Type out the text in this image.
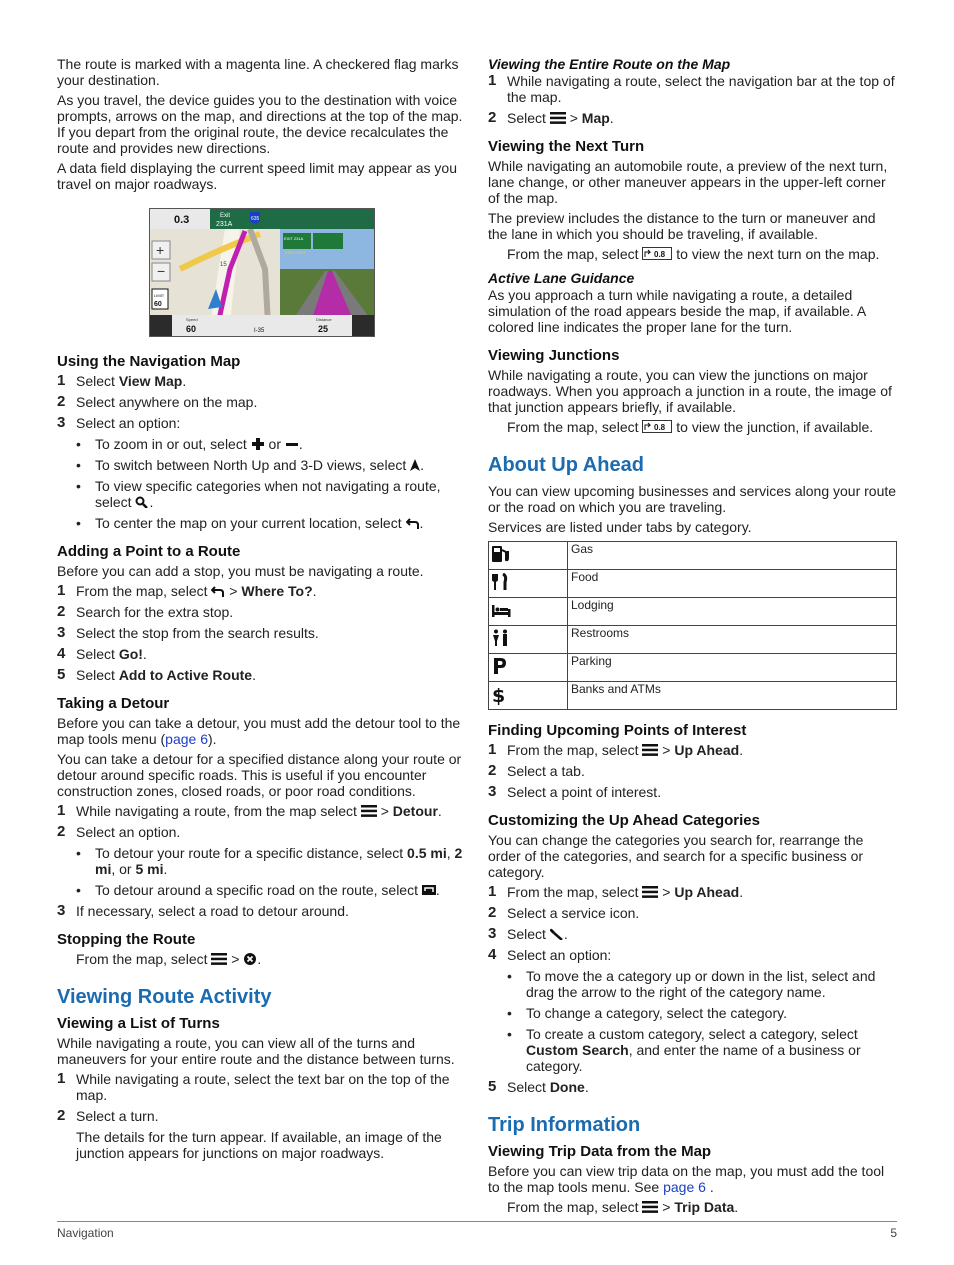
The route is marked with a magenta line. A checkered flag marks your destination.

As you travel, the device guides you to the destination with voice prompts, arrows on the map, and directions at the top of the map. If you depart from the original route, the device recalculates the route and provides new directions.

A data field displaying the current speed limit may appear as you travel on major roadways.

0.3	Exit
231A
635
15
EXIT 231A
EXIT ONLY
+
−
LIMIT
60
Speed
60	I-35
Distance
25
Using the Navigation Map
1 Select View Map.
2 Select anywhere on the map.
3 Select an option:
• To zoom in or out, select  or .
• To switch between North Up and 3-D views, select .
• To view specific categories when not navigating a route, select .
• To center the map on your current location, select .
Adding a Point to a Route

Before you can add a stop, you must be navigating a route.

1 From the map, select  > Where To?.
2 Search for the extra stop.
3 Select the stop from the search results.
4 Select Go!.
5 Select Add to Active Route.
Taking a Detour

Before you can take a detour, you must add the detour tool to the map tools menu (page 6).

You can take a detour for a specified distance along your route or detour around specific roads. This is useful if you encounter construction zones, closed roads, or poor road conditions.

1 While navigating a route, from the map select  > Detour.
2 Select an option.
• To detour your route for a specific distance, select 0.5 mi, 2 mi, or 5 mi.
• To detour around a specific road on the route, select .
3 If necessary, select a road to detour around.
Stopping the Route

From the map, select  > .

Viewing Route Activity
Viewing a List of Turns

While navigating a route, you can view all of the turns and maneuvers for your entire route and the distance between turns.

1 While navigating a route, select the text bar on the top of the map.
2 Select a turn.

The details for the turn appear. If available, an image of the junction appears for junctions on major roadways.

Viewing the Entire Route on the Map
1 While navigating a route, select the navigation bar at the top of the map.
2 Select  > Map.
Viewing the Next Turn

While navigating an automobile route, a preview of the next turn, lane change, or other maneuver appears in the upper-left corner of the map.

The preview includes the distance to the turn or maneuver and the lane in which you should be traveling, if available.

From the map, select 0.8 to view the next turn on the map.

Active Lane Guidance

As you approach a turn while navigating a route, a detailed simulation of the road appears beside the map, if available. A colored line indicates the proper lane for the turn.

Viewing Junctions

While navigating a route, you can view the junctions on major roadways. When you approach a junction in a route, the image of that junction appears briefly, if available.

From the map, select 0.8 to view the junction, if available.

About Up Ahead

You can view upcoming businesses and services along your route or the road on which you are traveling.

Services are listed under tabs by category.

	Gas
	Food
	Lodging
	Restrooms
	Parking

$	Banks and ATMs
Finding Upcoming Points of Interest
1 From the map, select  > Up Ahead.
2 Select a tab.
3 Select a point of interest.
Customizing the Up Ahead Categories

You can change the categories you search for, rearrange the order of the categories, and search for a specific business or category.

1 From the map, select  > Up Ahead.
2 Select a service icon.
3 Select .
4 Select an option:
• To move the a category up or down in the list, select and drag the arrow to the right of the category name.
• To change a category, select the category.
• To create a custom category, select a category, select Custom Search, and enter the name of a business or category.
5 Select Done.
Trip Information
Viewing Trip Data from the Map

Before you can view trip data on the map, you must add the tool to the map tools menu. See page 6 .

From the map, select  > Trip Data.

Navigation	5
